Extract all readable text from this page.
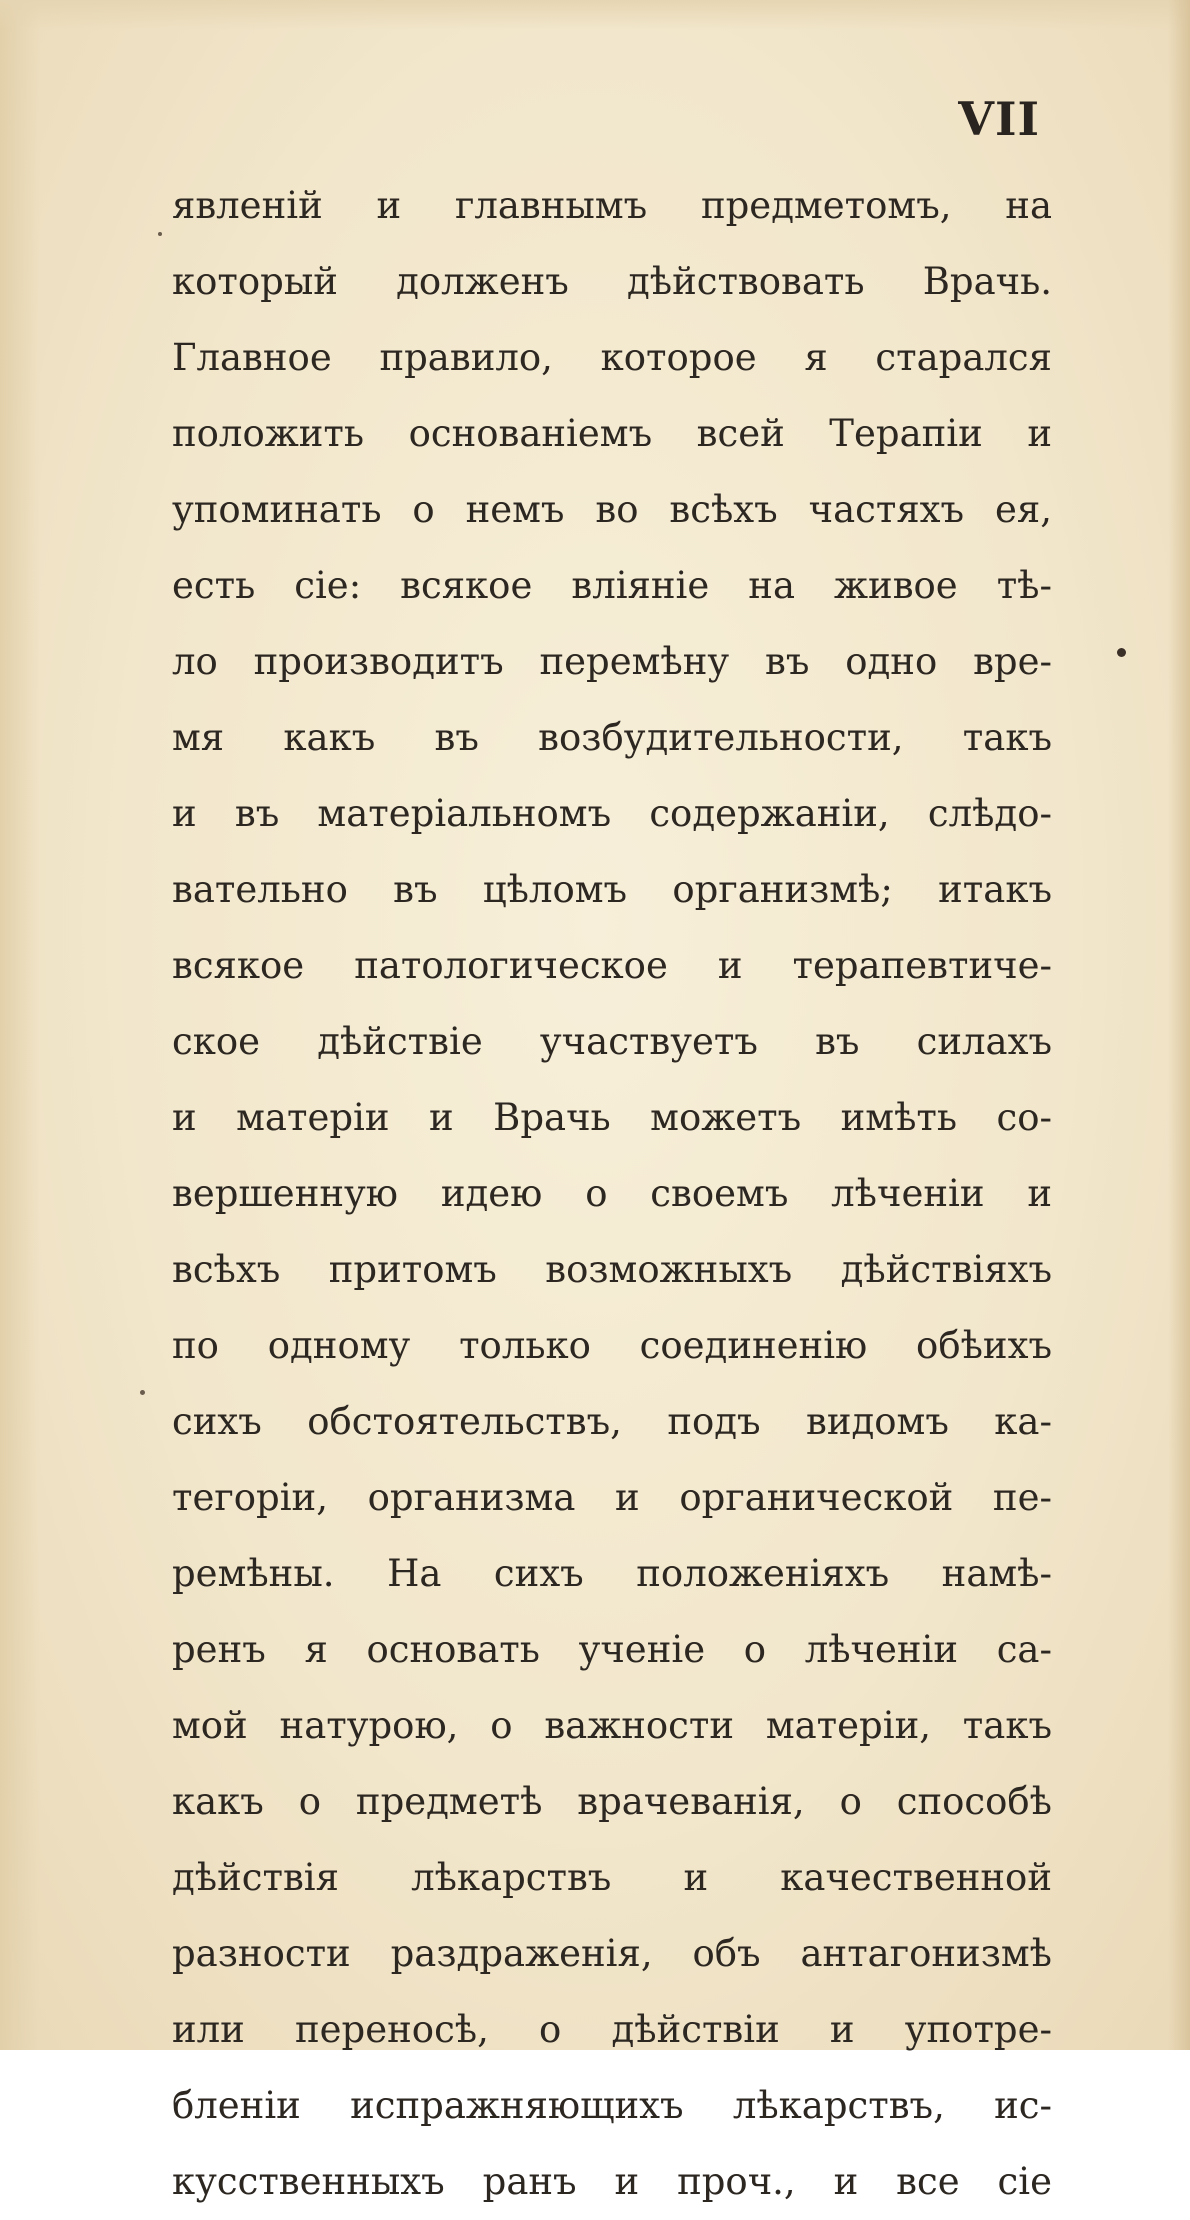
VII
явленій и главнымъ предметомъ, на
который долженъ дѣйствовать Врачь.
Главное правило, которое я старался
положить основаніемъ всей Терапіи и
упоминать о немъ во всѣхъ частяхъ ея,
есть сіе: всякое вліяніе на живое тѣ-
ло производитъ перемѣну въ одно вре-
мя какъ въ возбудительности, такъ
и въ матеріальномъ содержаніи, слѣдо-
вательно въ цѣломъ организмѣ; итакъ
всякое патологическое и терапевтиче-
ское дѣйствіе участвуетъ въ силахъ
и матеріи и Врачь можетъ имѣть со-
вершенную идею о своемъ лѣченіи и
всѣхъ притомъ возможныхъ дѣйствіяхъ
по одному только соединенію обѣихъ
сихъ обстоятельствъ, подъ видомъ ка-
тегоріи, организма и органической пе-
ремѣны. На сихъ положеніяхъ намѣ-
ренъ я основать ученіе о лѣченіи са-
мой натурою, о важности матеріи, такъ
какъ о предметѣ врачеванія, о способѣ
дѣйствія лѣкарствъ и качественной
разности раздраженія, объ антагонизмѣ
или переносѣ, о дѣйствіи и употре-
бленіи испражняющихъ лѣкарствъ, ис-
кусственныхъ ранъ и проч., и все сіе
